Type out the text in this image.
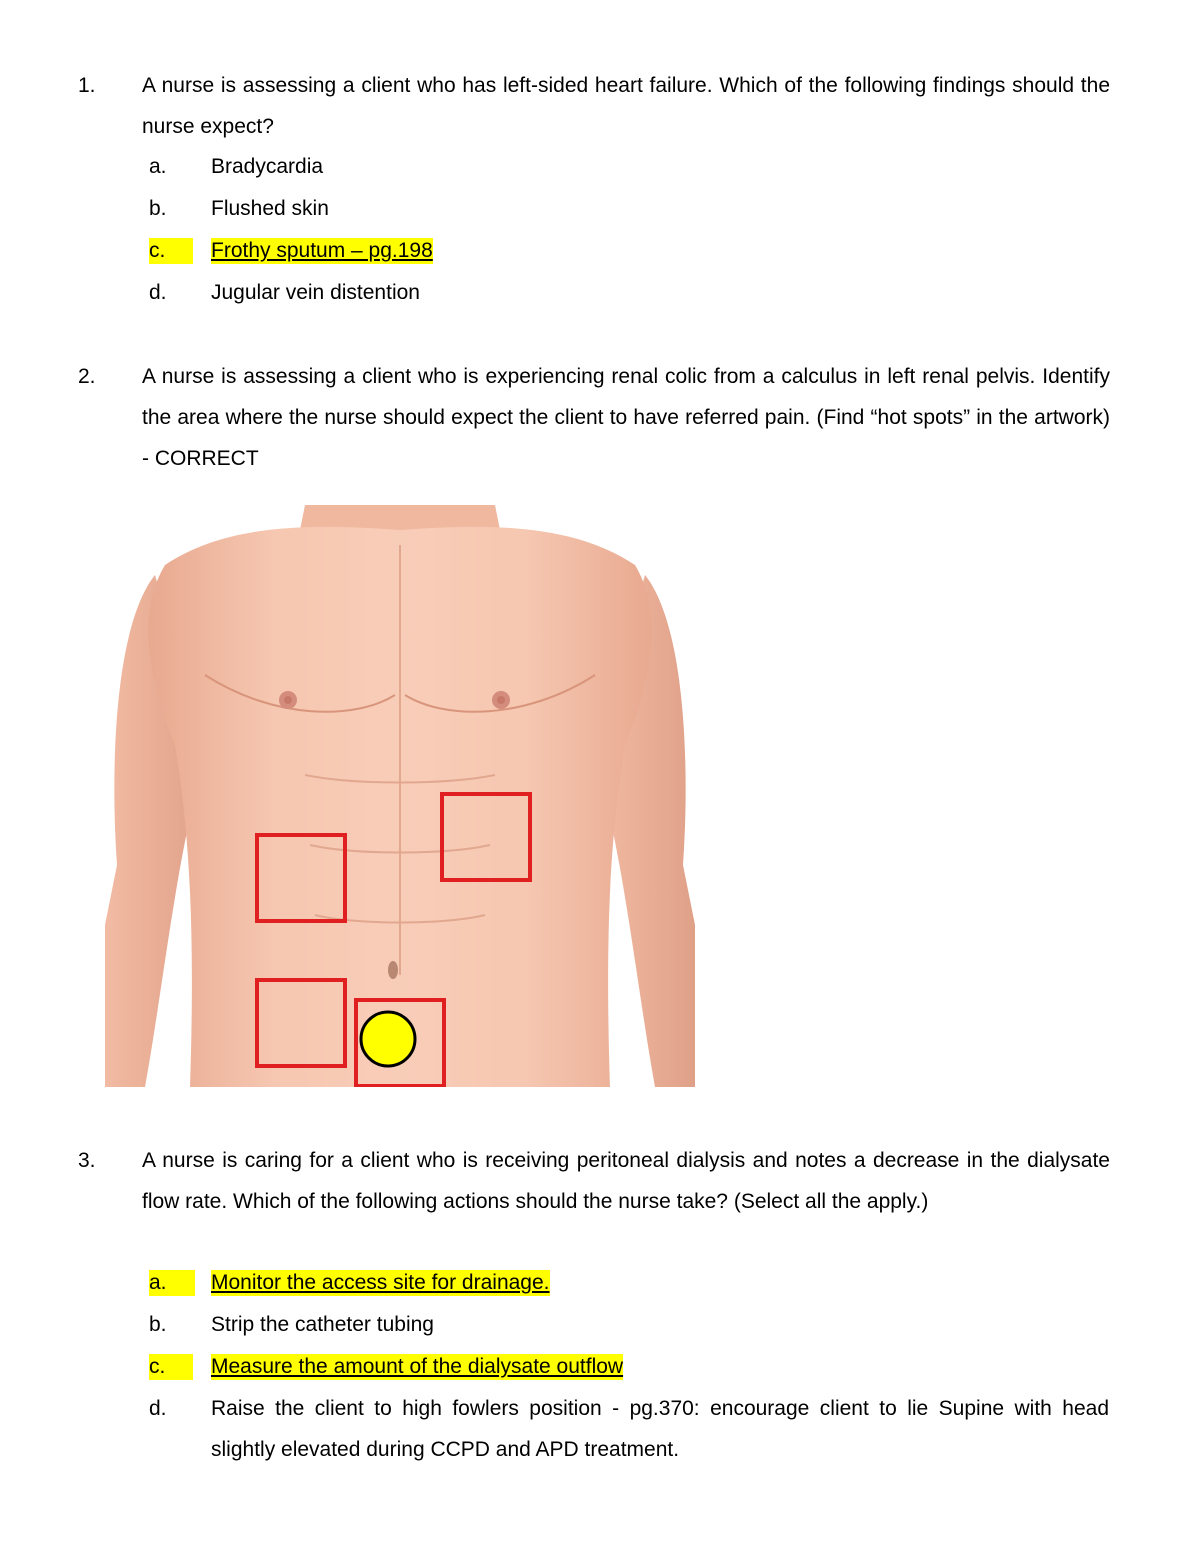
1. A nurse is assessing a client who has left-sided heart failure. Which of the following findings should the nurse expect?
a. Bradycardia
b. Flushed skin
c.	Frothy sputum – pg.198
d. Jugular vein distention
2. A nurse is assessing a client who is experiencing renal colic from a calculus in left renal pelvis. Identify the area where the nurse should expect the client to have referred pain. (Find “hot spots” in the artwork) - CORRECT
3. A nurse is caring for a client who is receiving peritoneal dialysis and notes a decrease in the dialysate flow rate. Which of the following actions should the nurse take? (Select all the apply.)
a.	Monitor the access site for drainage.
b. Strip the catheter tubing
c.	Measure the amount of the dialysate outflow
d. Raise the client to high fowlers position - pg.370: encourage client to lie Supine with head slightly elevated during CCPD and APD treatment.
